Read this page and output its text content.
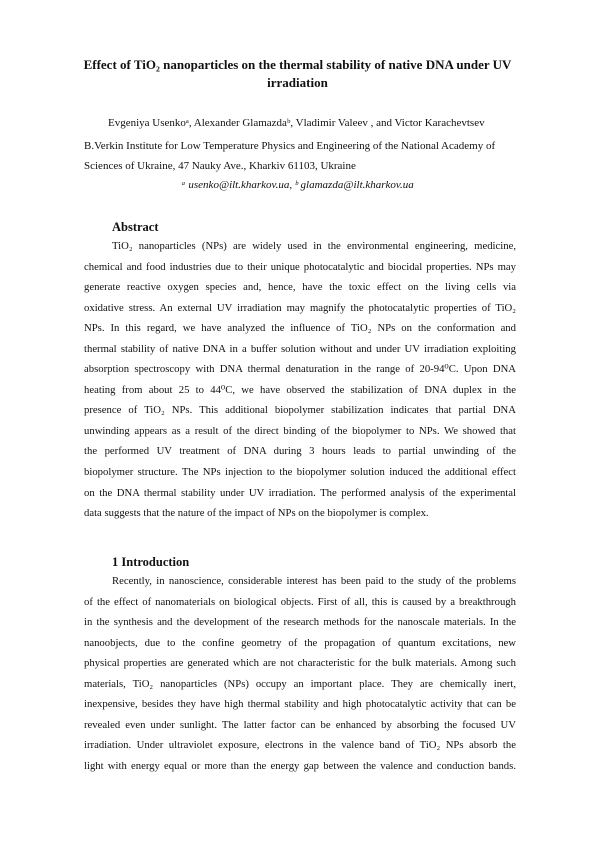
Effect of TiO₂ nanoparticles on the thermal stability of native DNA under UV
irradiation
Evgeniya Usenkoᵃ, Alexander Glamazdaᵇ, Vladimir Valeev , and Victor Karachevtsev
B.Verkin Institute for Low Temperature Physics and Engineering of the National Academy of
Sciences of Ukraine, 47 Nauky Ave., Kharkiv 61103, Ukraine
ᵃ usenko@ilt.kharkov.ua, ᵇ glamazda@ilt.kharkov.ua
Abstract
TiO₂ nanoparticles (NPs) are widely used in the environmental engineering, medicine,
chemical and food industries due to their unique photocatalytic and biocidal properties. NPs may
generate reactive oxygen species and, hence, have the toxic effect on the living cells via
oxidative stress. An external UV irradiation may magnify the photocatalytic properties of TiO₂
NPs. In this regard, we have analyzed the influence of TiO₂ NPs on the conformation and
thermal stability of native DNA in a buffer solution without and under UV irradiation exploiting
absorption spectroscopy with DNA thermal denaturation in the range of 20-94⁰C. Upon DNA
heating from about 25 to 44⁰C, we have observed the stabilization of DNA duplex in the
presence of TiO₂ NPs. This additional biopolymer stabilization indicates that partial DNA
unwinding appears as a result of the direct binding of the biopolymer to NPs. We showed that
the performed UV treatment of DNA during 3 hours leads to partial unwinding of the
biopolymer structure. The NPs injection to the biopolymer solution induced the additional effect
on the DNA thermal stability under UV irradiation. The performed analysis of the experimental
data suggests that the nature of the impact of NPs on the biopolymer is complex.
1 Introduction
Recently, in nanoscience, considerable interest has been paid to the study of the problems
of the effect of nanomaterials on biological objects. First of all, this is caused by a breakthrough
in the synthesis and the development of the research methods for the nanoscale materials. In the
nanoobjects, due to the confine geometry of the propagation of quantum excitations, new
physical properties are generated which are not characteristic for the bulk materials. Among such
materials, TiO₂ nanoparticles (NPs) occupy an important place. They are chemically inert,
inexpensive, besides they have high thermal stability and high photocatalytic activity that can be
revealed even under sunlight. The latter factor can be enhanced by absorbing the focused UV
irradiation. Under ultraviolet exposure, electrons in the valence band of TiO₂ NPs absorb the
light with energy equal or more than the energy gap between the valence and conduction bands.
